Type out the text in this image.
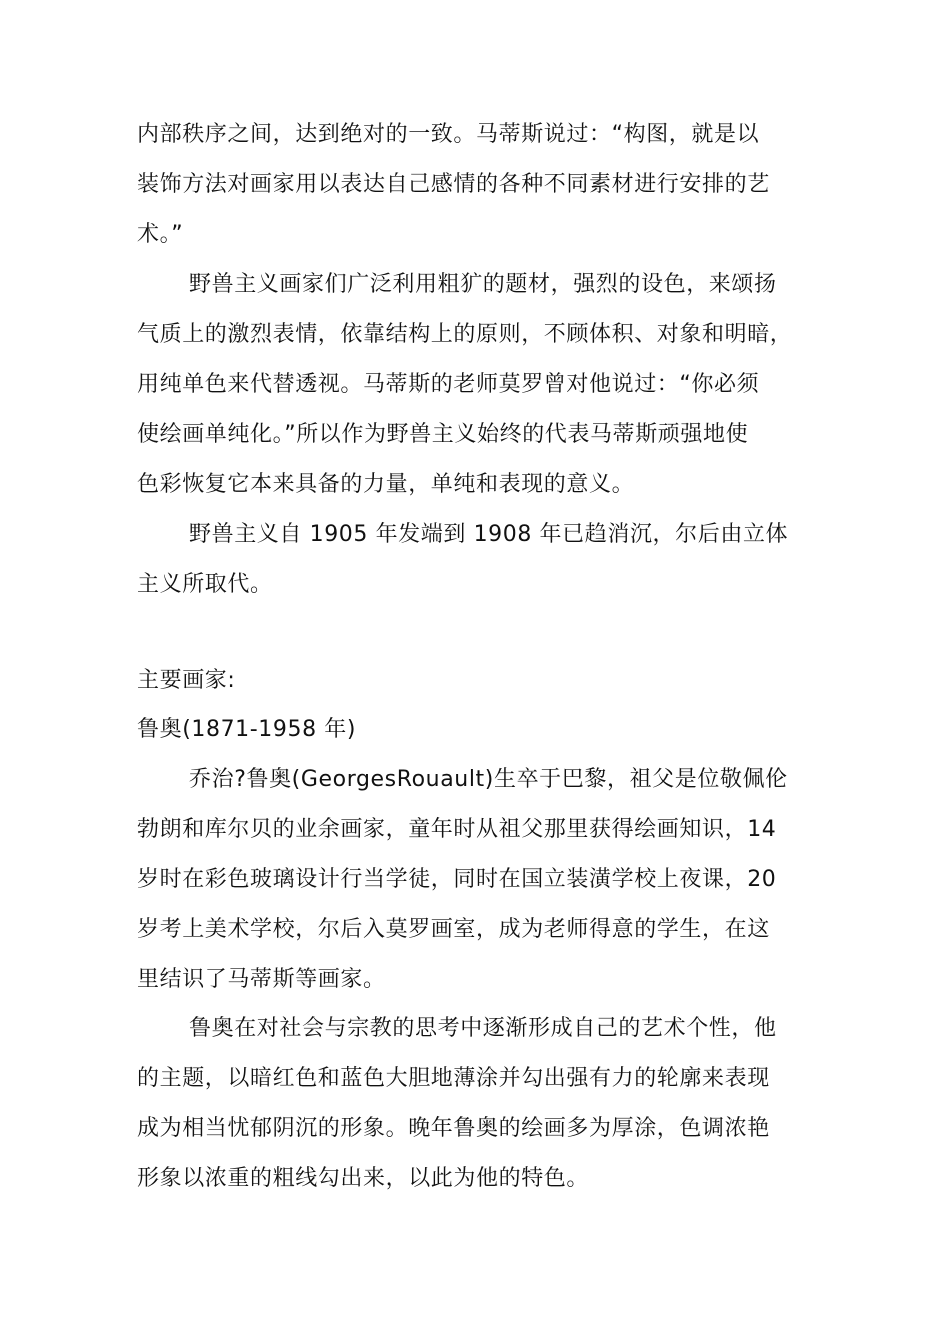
内部秩序之间，达到绝对的一致。马蒂斯说过：“构图，就是以
装饰方法对画家用以表达自己感情的各种不同素材进行安排的艺
术。”
野兽主义画家们广泛利用粗犷的题材，强烈的设色，来颂扬
气质上的激烈表情，依靠结构上的原则，不顾体积、对象和明暗，
用纯单色来代替透视。马蒂斯的老师莫罗曾对他说过：“你必须
使绘画单纯化。”所以作为野兽主义始终的代表马蒂斯顽强地使
色彩恢复它本来具备的力量，单纯和表现的意义。
野兽主义自 1905 年发端到 1908 年已趋消沉，尔后由立体
主义所取代。
主要画家:
鲁奥(1871-1958 年)
乔治?鲁奥(GeorgesRouault)生卒于巴黎，祖父是位敬佩伦
勃朗和库尔贝的业余画家，童年时从祖父那里获得绘画知识，14
岁时在彩色玻璃设计行当学徒，同时在国立装潢学校上夜课，20
岁考上美术学校，尔后入莫罗画室，成为老师得意的学生，在这
里结识了马蒂斯等画家。
鲁奥在对社会与宗教的思考中逐渐形成自己的艺术个性，他
的主题，以暗红色和蓝色大胆地薄涂并勾出强有力的轮廓来表现
成为相当忧郁阴沉的形象。晚年鲁奥的绘画多为厚涂，色调浓艳
形象以浓重的粗线勾出来，以此为他的特色。
